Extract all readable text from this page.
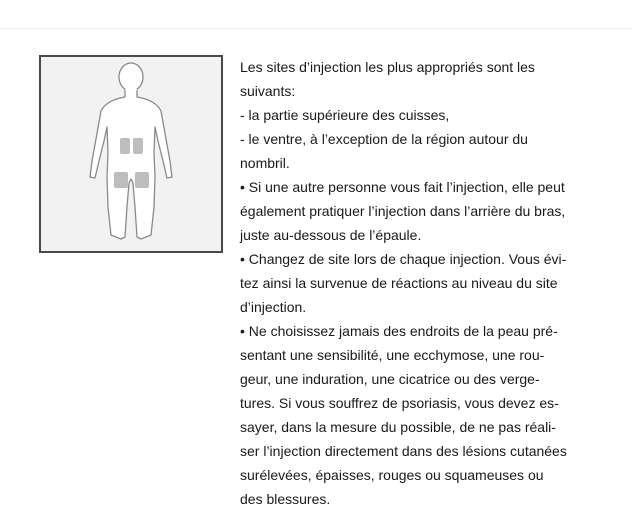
Les sites d’injection les plus appropriés sont les
suivants:
- la partie supérieure des cuisses,
- le ventre, à l’exception de la région autour du
nombril.
• Si une autre personne vous fait l’injection, elle peut
également pratiquer l’injection dans l’arrière du bras,
juste au-dessous de l’épaule.
• Changez de site lors de chaque injection. Vous évi-
tez ainsi la survenue de réactions au niveau du site
d’injection.
• Ne choisissez jamais des endroits de la peau pré-
sentant une sensibilité, une ecchymose, une rou-
geur, une induration, une cicatrice ou des verge-
tures. Si vous souffrez de psoriasis, vous devez es-
sayer, dans la mesure du possible, de ne pas réali-
ser l’injection directement dans des lésions cutanées
surélevées, épaisses, rouges ou squameuses ou
des blessures.
